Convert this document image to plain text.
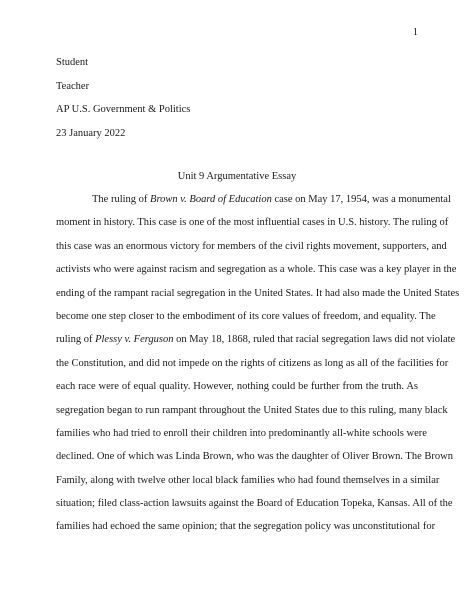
1
Student
Teacher
AP U.S. Government & Politics
23 January 2022
Unit 9 Argumentative Essay
The ruling of Brown v. Board of Education case on May 17, 1954, was a monumental
moment in history. This case is one of the most influential cases in U.S. history. The ruling of
this case was an enormous victory for members of the civil rights movement, supporters, and
activists who were against racism and segregation as a whole. This case was a key player in the
ending of the rampant racial segregation in the United States. It had also made the United States
become one step closer to the embodiment of its core values of freedom, and equality. The
ruling of Plessy v. Ferguson on May 18, 1868, ruled that racial segregation laws did not violate
the Constitution, and did not impede on the rights of citizens as long as all of the facilities for
each race were of equal quality. However, nothing could be further from the truth. As
segregation began to run rampant throughout the United States due to this ruling, many black
families who had tried to enroll their children into predominantly all-white schools were
declined. One of which was Linda Brown, who was the daughter of Oliver Brown. The Brown
Family, along with twelve other local black families who had found themselves in a similar
situation; filed class-action lawsuits against the Board of Education Topeka, Kansas. All of the
families had echoed the same opinion; that the segregation policy was unconstitutional for
